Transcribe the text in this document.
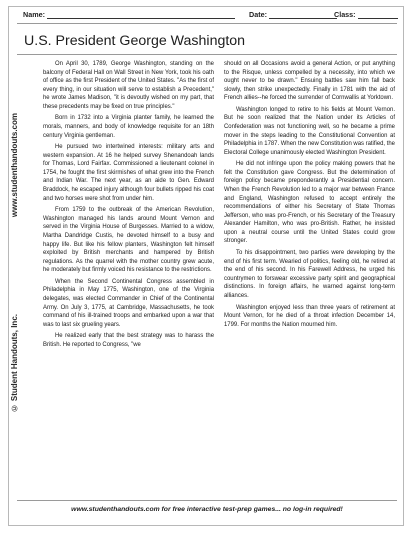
Name:	Date:	Class:
U.S. President George Washington
www.studenthandouts.com
© Student Handouts, Inc.

On April 30, 1789, George Washington, standing on the balcony of Federal Hall on Wall Street in New York, took his oath of office as the first President of the United States. "As the first of every thing, in our situation will serve to establish a Precedent," he wrote James Madison, "it is devoutly wished on my part, that these precedents may be fixed on true principles."

Born in 1732 into a Virginia planter family, he learned the morals, manners, and body of knowledge requisite for an 18th century Virginia gentleman.

He pursued two intertwined interests: military arts and western expansion. At 16 he helped survey Shenandoah lands for Thomas, Lord Fairfax. Commissioned a lieutenant colonel in 1754, he fought the first skirmishes of what grew into the French and Indian War. The next year, as an aide to Gen. Edward Braddock, he escaped injury although four bullets ripped his coat and two horses were shot from under him.

From 1759 to the outbreak of the American Revolution, Washington managed his lands around Mount Vernon and served in the Virginia House of Burgesses. Married to a widow, Martha Dandridge Custis, he devoted himself to a busy and happy life. But like his fellow planters, Washington felt himself exploited by British merchants and hampered by British regulations. As the quarrel with the mother country grew acute, he moderately but firmly voiced his resistance to the restrictions.

When the Second Continental Congress assembled in Philadelphia in May 1775, Washington, one of the Virginia delegates, was elected Commander in Chief of the Continental Army. On July 3, 1775, at Cambridge, Massachusetts, he took command of his ill-trained troops and embarked upon a war that was to last six grueling years.

He realized early that the best strategy was to harass the British. He reported to Congress, "we

should on all Occasions avoid a general Action, or put anything to the Risque, unless compelled by a necessity, into which we ought never to be drawn." Ensuing battles saw him fall back slowly, then strike unexpectedly. Finally in 1781 with the aid of French allies--he forced the surrender of Cornwallis at Yorktown.

Washington longed to retire to his fields at Mount Vernon. But he soon realized that the Nation under its Articles of Confederation was not functioning well, so he became a prime mover in the steps leading to the Constitutional Convention at Philadelphia in 1787. When the new Constitution was ratified, the Electoral College unanimously elected Washington President.

He did not infringe upon the policy making powers that he felt the Constitution gave Congress. But the determination of foreign policy became preponderantly a Presidential concern. When the French Revolution led to a major war between France and England, Washington refused to accept entirely the recommendations of either his Secretary of State Thomas Jefferson, who was pro-French, or his Secretary of the Treasury Alexander Hamilton, who was pro-British. Rather, he insisted upon a neutral course until the United States could grow stronger.

To his disappointment, two parties were developing by the end of his first term. Wearied of politics, feeling old, he retired at the end of his second. In his Farewell Address, he urged his countrymen to forswear excessive party spirit and geographical distinctions. In foreign affairs, he warned against long-term alliances.

Washington enjoyed less than three years of retirement at Mount Vernon, for he died of a throat infection December 14, 1799. For months the Nation mourned him.

www.studenthandouts.com for free interactive test-prep games... no log-in required!
